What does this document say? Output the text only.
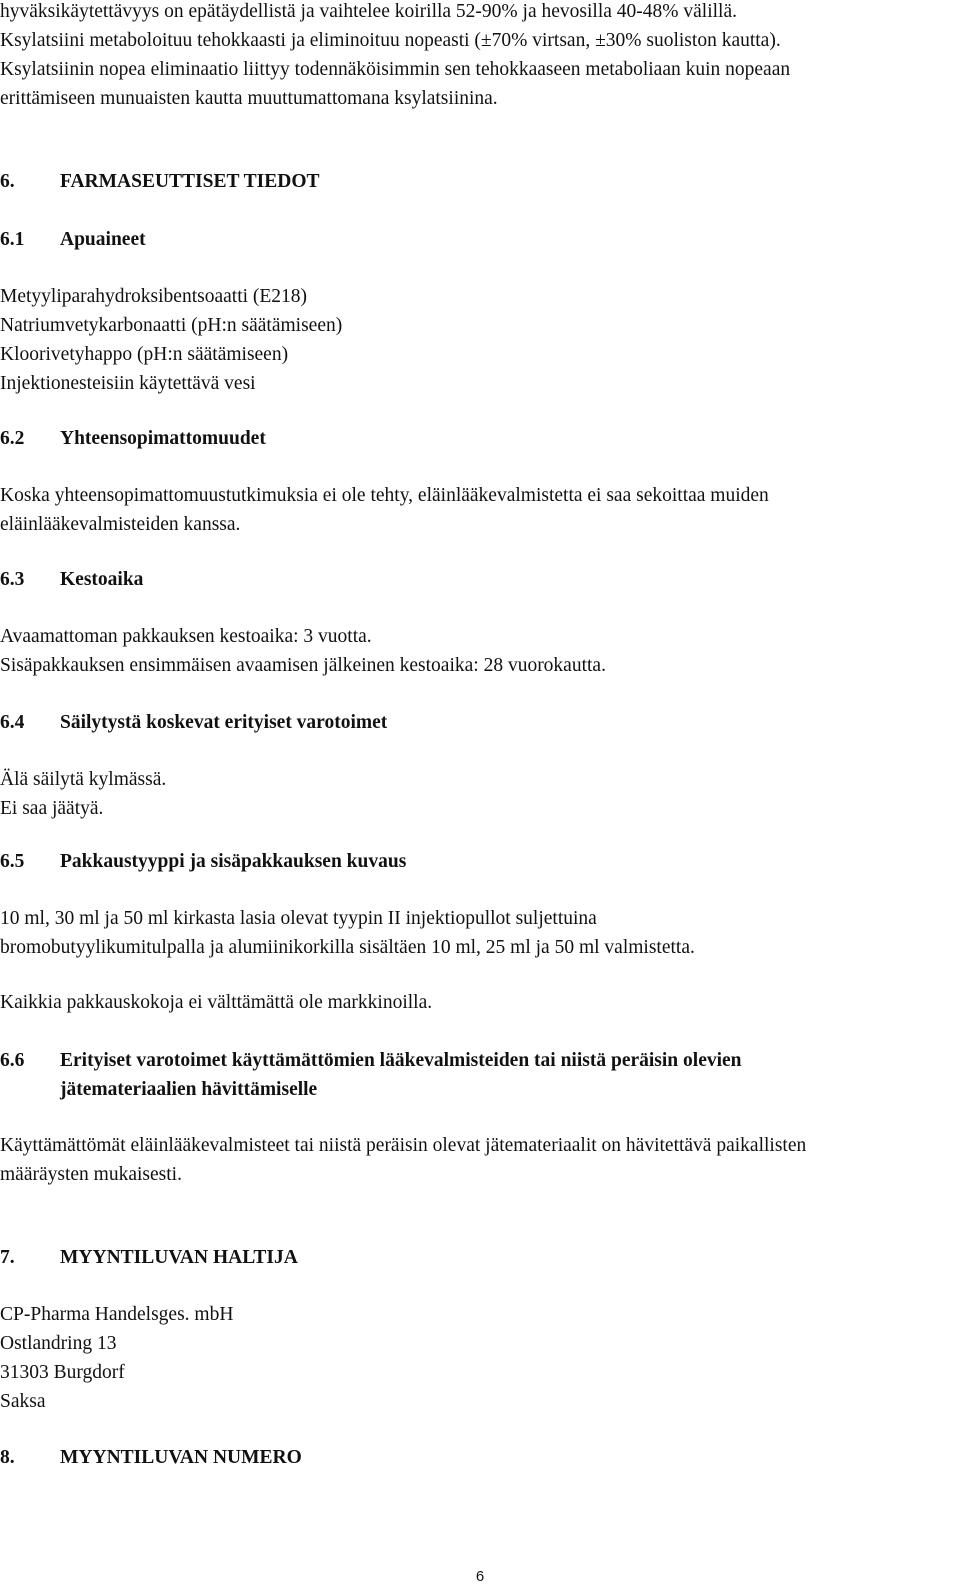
hyväksikäytettävyys on epätäydellistä ja vaihtelee koirilla 52-90% ja hevosilla 40-48% välillä.

Ksylatsiini metaboloituu tehokkaasti ja eliminoituu nopeasti (±70% virtsan, ±30% suoliston kautta).

Ksylatsiinin nopea eliminaatio liittyy todennäköisimmin sen tehokkaaseen metaboliaan kuin nopeaan

erittämiseen munuaisten kautta muuttumattomana ksylatsiinina.

6. FARMASEUTTISET TIEDOT

6.1 Apuaineet

Metyyliparahydroksibentsoaatti (E218)

Natriumvetykarbonaatti (pH:n säätämiseen)

Kloorivetyhappo (pH:n säätämiseen)

Injektionesteisiin käytettävä vesi

6.2 Yhteensopimattomuudet

Koska yhteensopimattomuustutkimuksia ei ole tehty, eläinlääkevalmistetta ei saa sekoittaa muiden

eläinlääkevalmisteiden kanssa.

6.3 Kestoaika

Avaamattoman pakkauksen kestoaika: 3 vuotta.

Sisäpakkauksen ensimmäisen avaamisen jälkeinen kestoaika: 28 vuorokautta.

6.4 Säilytystä koskevat erityiset varotoimet

Älä säilytä kylmässä.

Ei saa jäätyä.

6.5 Pakkaustyyppi ja sisäpakkauksen kuvaus

10 ml, 30 ml ja 50 ml kirkasta lasia olevat tyypin II injektiopullot suljettuina

bromobutyylikumitulpalla ja alumiinikorkilla sisältäen 10 ml, 25 ml ja 50 ml valmistetta.

Kaikkia pakkauskokoja ei välttämättä ole markkinoilla.

6.6 Erityiset varotoimet käyttämättömien lääkevalmisteiden tai niistä peräisin olevien

jätemateriaalien hävittämiselle

Käyttämättömät eläinlääkevalmisteet tai niistä peräisin olevat jätemateriaalit on hävitettävä paikallisten

määräysten mukaisesti.

7. MYYNTILUVAN HALTIJA

CP-Pharma Handelsges. mbH

Ostlandring 13

31303 Burgdorf

Saksa

8. MYYNTILUVAN NUMERO

6
